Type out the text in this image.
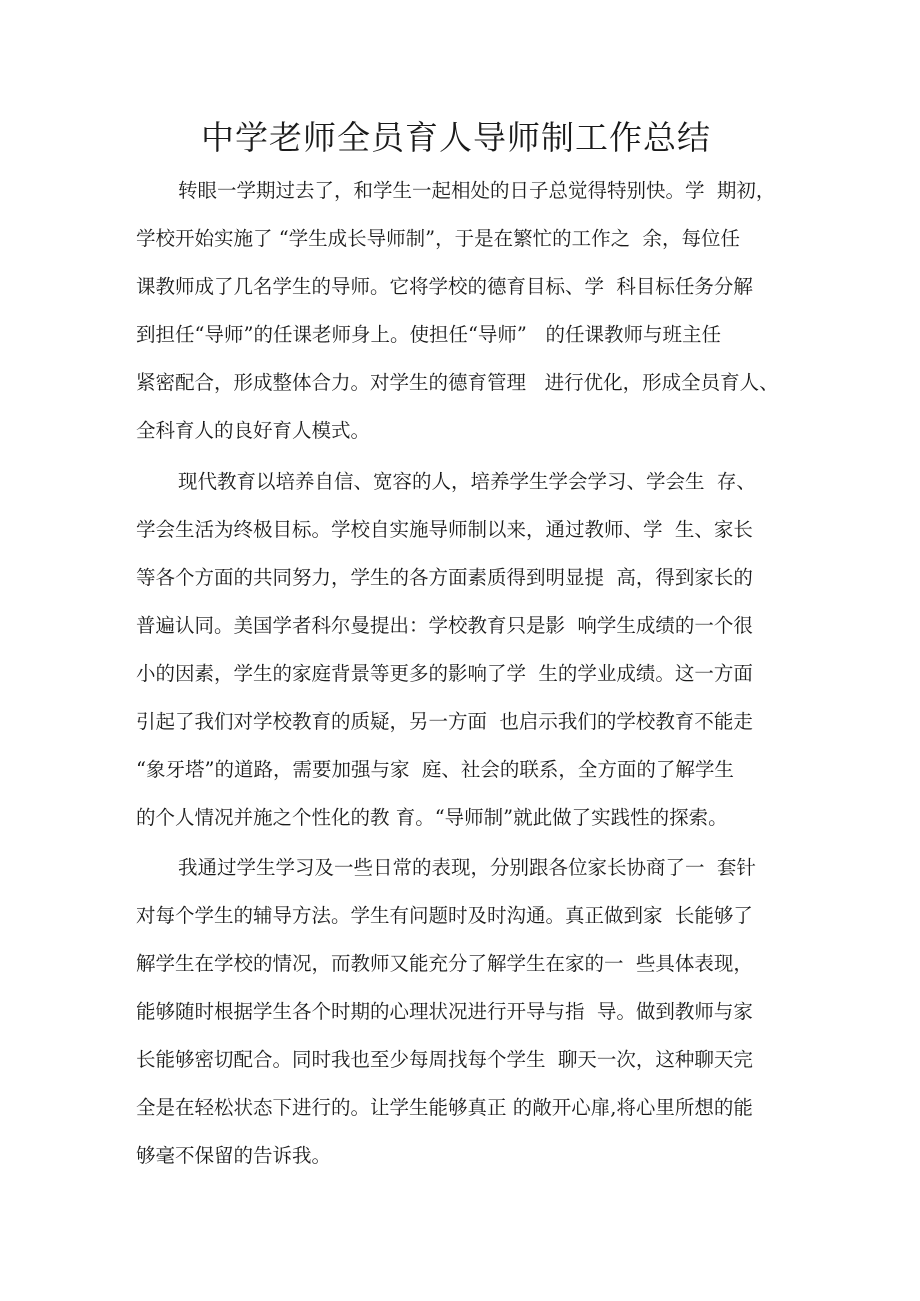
中学老师全员育人导师制工作总结

转眼一学期过去了，和学生一起相处的日子总觉得特别快。学  期初，

学校开始实施了 “学生成长导师制”，于是在繁忙的工作之  余，每位任

课教师成了几名学生的导师。它将学校的德育目标、学  科目标任务分解

到担任“导师”的任课老师身上。使担任“导师”   的任课教师与班主任

紧密配合，形成整体合力。对学生的德育管理   进行优化，形成全员育人、

全科育人的良好育人模式。

现代教育以培养自信、宽容的人，培养学生学会学习、学会生  存、

学会生活为终极目标。学校自实施导师制以来，通过教师、学  生、家长

等各个方面的共同努力，学生的各方面素质得到明显提  高，得到家长的

普遍认同。美国学者科尔曼提出：学校教育只是影  响学生成绩的一个很

小的因素，学生的家庭背景等更多的影响了学  生的学业成绩。这一方面

引起了我们对学校教育的质疑，另一方面  也启示我们的学校教育不能走

“象牙塔”的道路，需要加强与家  庭、社会的联系，全方面的了解学生

的个人情况并施之个性化的教 育。“导师制”就此做了实践性的探索。

我通过学生学习及一些日常的表现，分别跟各位家长协商了一  套针

对每个学生的辅导方法。学生有问题时及时沟通。真正做到家  长能够了

解学生在学校的情况，而教师又能充分了解学生在家的一  些具体表现，

能够随时根据学生各个时期的心理状况进行开导与指  导。做到教师与家

长能够密切配合。同时我也至少每周找每个学生  聊天一次，这种聊天完

全是在轻松状态下进行的。让学生能够真正 的敞开心扉,将心里所想的能

够毫不保留的告诉我。
